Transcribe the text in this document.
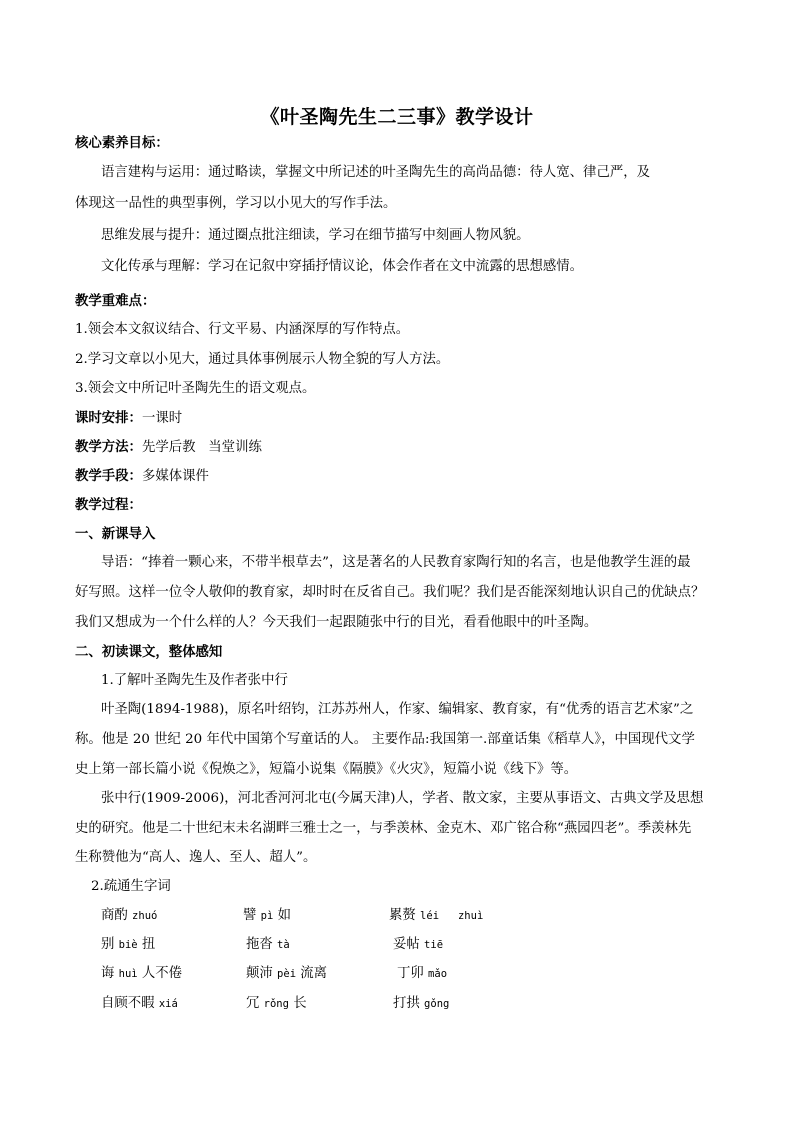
《叶圣陶先生二三事》教学设计
核心素养目标：
语言建构与运用：通过略读，掌握文中所记述的叶圣陶先生的高尚品德：待人宽、律己严，及
体现这一品性的典型事例，学习以小见大的写作手法。
思维发展与提升：通过圈点批注细读，学习在细节描写中刻画人物风貌。
文化传承与理解：学习在记叙中穿插抒情议论，体会作者在文中流露的思想感情。
教学重难点：
1.领会本文叙议结合、行文平易、内涵深厚的写作特点。
2.学习文章以小见大，通过具体事例展示人物全貌的写人方法。
3.领会文中所记叶圣陶先生的语文观点。
课时安排：一课时
教学方法：先学后教   当堂训练
教学手段：多媒体课件
教学过程：
一、新课导入
导语：“捧着一颗心来，不带半根草去”，这是著名的人民教育家陶行知的名言，也是他教学生涯的最
好写照。这样一位令人敬仰的教育家，却时时在反省自己。我们呢？我们是否能深刻地认识自己的优缺点？
我们又想成为一个什么样的人？今天我们一起跟随张中行的目光，看看他眼中的叶圣陶。
二、初读课文，整体感知
1.了解叶圣陶先生及作者张中行
叶圣陶(1894-1988)，原名叶绍钧，江苏苏州人，作家、编辑家、教育家，有“优秀的语言艺术家”之
称。他是 20 世纪 20 年代中国第个写童话的人。 主要作品:我国第一.部童话集《稻草人》，中国现代文学
史上第一部长篇小说《倪焕之》，短篇小说集《隔膜》《火灾》，短篇小说《线下》等。
张中行(1909-2006)，河北香河河北屯(今属天津)人，学者、散文家，主要从事语文、古典文学及思想
史的研究。他是二十世纪末未名湖畔三雅士之一，与季羡林、金克木、邓广铭合称“燕园四老”。季羡林先
生称赞他为“高人、逸人、至人、超人”。
2.疏通生字词
商酌 zhuó	譬 pì 如	累赘 léi   zhuì
别 biè 扭	拖沓 tà	妥帖 tiē
诲 huì 人不倦	颠沛 pèi 流离	丁卯 mǎo
自顾不暇 xiá	冗 rǒng 长	打拱 gǒng
